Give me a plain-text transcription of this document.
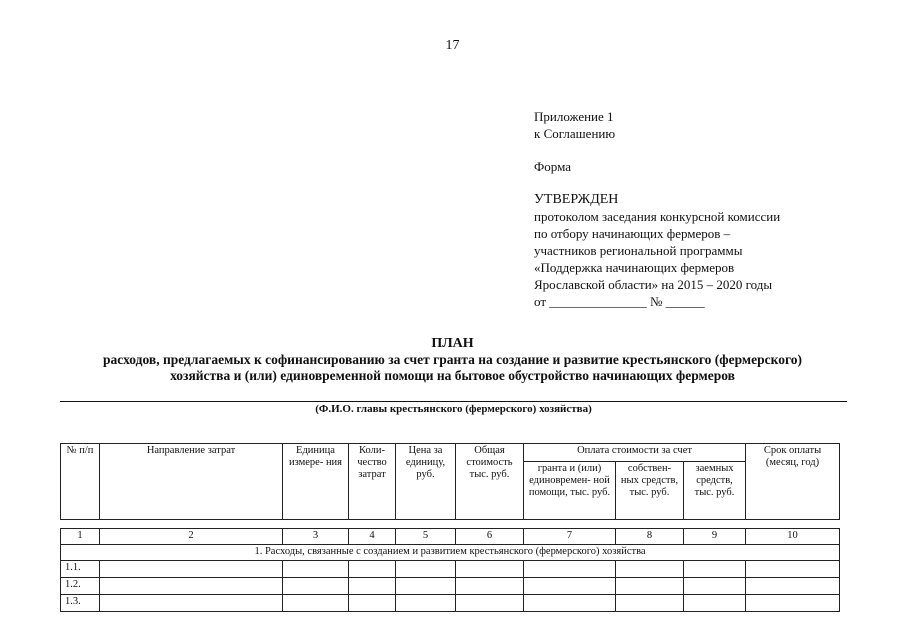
17
Приложение 1
к Соглашению
Форма
УТВЕРЖДЕН
протоколом заседания конкурсной комиссии
по отбору начинающих фермеров –
участников региональной программы
«Поддержка начинающих фермеров
Ярославской области» на 2015 – 2020 годы
от _______________ № ______
ПЛАН
расходов, предлагаемых к софинансированию за счет гранта на создание и развитие крестьянского (фермерского)
хозяйства и (или) единовременной помощи на бытовое обустройство начинающих фермеров
(Ф.И.О. главы крестьянского (фермерского) хозяйства)
№ п/п	Направление затрат	Единица измере- ния	Коли- чество затрат	Цена за единицу, руб.	Общая стоимость тыс. руб.	Оплата стоимости за счет			Срок оплаты (месяц, год)
						гранта и (или) единовремен- ной помощи, тыс. руб.	собствен- ных средств, тыс. руб.	заемных средств, тыс. руб.	

1	2	3	4	5	6	7	8	9	10
1. Расходы, связанные с созданием и развитием крестьянского (фермерского) хозяйства									
1.1.									
1.2.									
1.3.									
